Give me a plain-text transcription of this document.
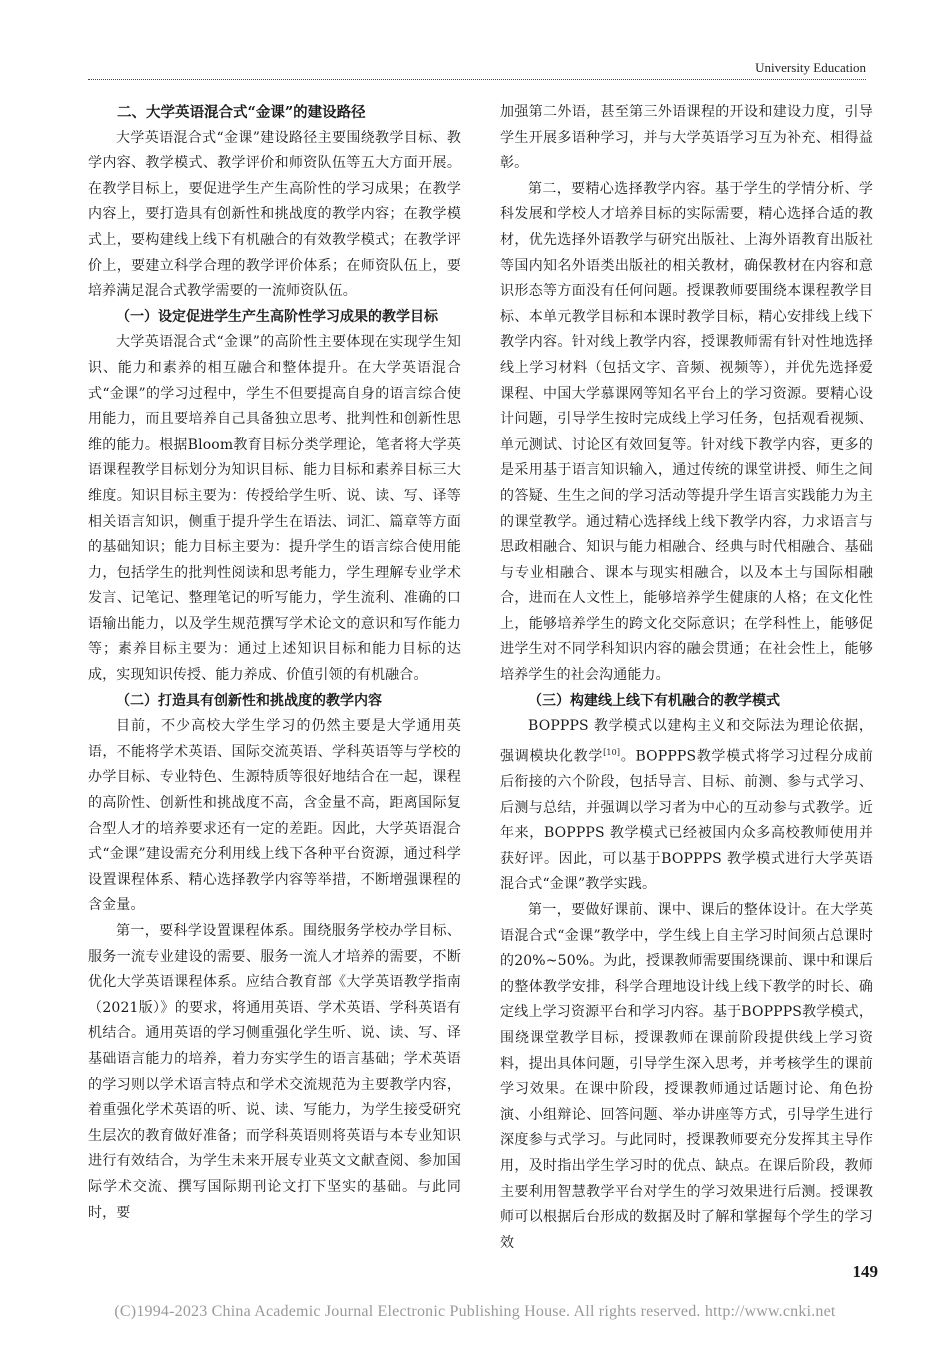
University Education
二、大学英语混合式“金课”的建设路径

大学英语混合式“金课”建设路径主要围绕教学目标、教学内容、教学模式、教学评价和师资队伍等五大方面开展。在教学目标上，要促进学生产生高阶性的学习成果；在教学内容上，要打造具有创新性和挑战度的教学内容；在教学模式上，要构建线上线下有机融合的有效教学模式；在教学评价上，要建立科学合理的教学评价体系；在师资队伍上，要培养满足混合式教学需要的一流师资队伍。

（一）设定促进学生产生高阶性学习成果的教学目标

大学英语混合式“金课”的高阶性主要体现在实现学生知识、能力和素养的相互融合和整体提升。在大学英语混合式“金课”的学习过程中，学生不但要提高自身的语言综合使用能力，而且要培养自己具备独立思考、批判性和创新性思维的能力。根据Bloom教育目标分类学理论，笔者将大学英语课程教学目标划分为知识目标、能力目标和素养目标三大维度。知识目标主要为：传授给学生听、说、读、写、译等相关语言知识，侧重于提升学生在语法、词汇、篇章等方面的基础知识；能力目标主要为：提升学生的语言综合使用能力，包括学生的批判性阅读和思考能力，学生理解专业学术发言、记笔记、整理笔记的听写能力，学生流利、准确的口语输出能力，以及学生规范撰写学术论文的意识和写作能力等；素养目标主要为：通过上述知识目标和能力目标的达成，实现知识传授、能力养成、价值引领的有机融合。

（二）打造具有创新性和挑战度的教学内容

目前，不少高校大学生学习的仍然主要是大学通用英语，不能将学术英语、国际交流英语、学科英语等与学校的办学目标、专业特色、生源特质等很好地结合在一起，课程的高阶性、创新性和挑战度不高，含金量不高，距离国际复合型人才的培养要求还有一定的差距。因此，大学英语混合式“金课”建设需充分利用线上线下各种平台资源，通过科学设置课程体系、精心选择教学内容等举措，不断增强课程的含金量。

第一，要科学设置课程体系。围绕服务学校办学目标、服务一流专业建设的需要、服务一流人才培养的需要，不断优化大学英语课程体系。应结合教育部《大学英语教学指南（2021版）》的要求，将通用英语、学术英语、学科英语有机结合。通用英语的学习侧重强化学生听、说、读、写、译基础语言能力的培养，着力夯实学生的语言基础；学术英语的学习则以学术语言特点和学术交流规范为主要教学内容，着重强化学术英语的听、说、读、写能力，为学生接受研究生层次的教育做好准备；而学科英语则将英语与本专业知识进行有效结合，为学生未来开展专业英文文献查阅、参加国际学术交流、撰写国际期刊论文打下坚实的基础。与此同时，要

加强第二外语，甚至第三外语课程的开设和建设力度，引导学生开展多语种学习，并与大学英语学习互为补充、相得益彰。

第二，要精心选择教学内容。基于学生的学情分析、学科发展和学校人才培养目标的实际需要，精心选择合适的教材，优先选择外语教学与研究出版社、上海外语教育出版社等国内知名外语类出版社的相关教材，确保教材在内容和意识形态等方面没有任何问题。授课教师要围绕本课程教学目标、本单元教学目标和本课时教学目标，精心安排线上线下教学内容。针对线上教学内容，授课教师需有针对性地选择线上学习材料（包括文字、音频、视频等），并优先选择爱课程、中国大学慕课网等知名平台上的学习资源。要精心设计问题，引导学生按时完成线上学习任务，包括观看视频、单元测试、讨论区有效回复等。针对线下教学内容，更多的是采用基于语言知识输入，通过传统的课堂讲授、师生之间的答疑、生生之间的学习活动等提升学生语言实践能力为主的课堂教学。通过精心选择线上线下教学内容，力求语言与思政相融合、知识与能力相融合、经典与时代相融合、基础与专业相融合、课本与现实相融合，以及本土与国际相融合，进而在人文性上，能够培养学生健康的人格；在文化性上，能够培养学生的跨文化交际意识；在学科性上，能够促进学生对不同学科知识内容的融会贯通；在社会性上，能够培养学生的社会沟通能力。

（三）构建线上线下有机融合的教学模式

BOPPPS 教学模式以建构主义和交际法为理论依据，强调模块化教学[10]。BOPPPS教学模式将学习过程分成前后衔接的六个阶段，包括导言、目标、前测、参与式学习、后测与总结，并强调以学习者为中心的互动参与式教学。近年来，BOPPPS 教学模式已经被国内众多高校教师使用并获好评。因此，可以基于BOPPPS 教学模式进行大学英语混合式“金课”教学实践。

第一，要做好课前、课中、课后的整体设计。在大学英语混合式“金课”教学中，学生线上自主学习时间须占总课时的20%~50%。为此，授课教师需要围绕课前、课中和课后的整体教学安排，科学合理地设计线上线下教学的时长、确定线上学习资源平台和学习内容。基于BOPPPS教学模式，围绕课堂教学目标，授课教师在课前阶段提供线上学习资料，提出具体问题，引导学生深入思考，并考核学生的课前学习效果。在课中阶段，授课教师通过话题讨论、角色扮演、小组辩论、回答问题、举办讲座等方式，引导学生进行深度参与式学习。与此同时，授课教师要充分发挥其主导作用，及时指出学生学习时的优点、缺点。在课后阶段，教师主要利用智慧教学平台对学生的学习效果进行后测。授课教师可以根据后台形成的数据及时了解和掌握每个学生的学习效

149
(C)1994-2023 China Academic Journal Electronic Publishing House. All rights reserved. http://www.cnki.net
